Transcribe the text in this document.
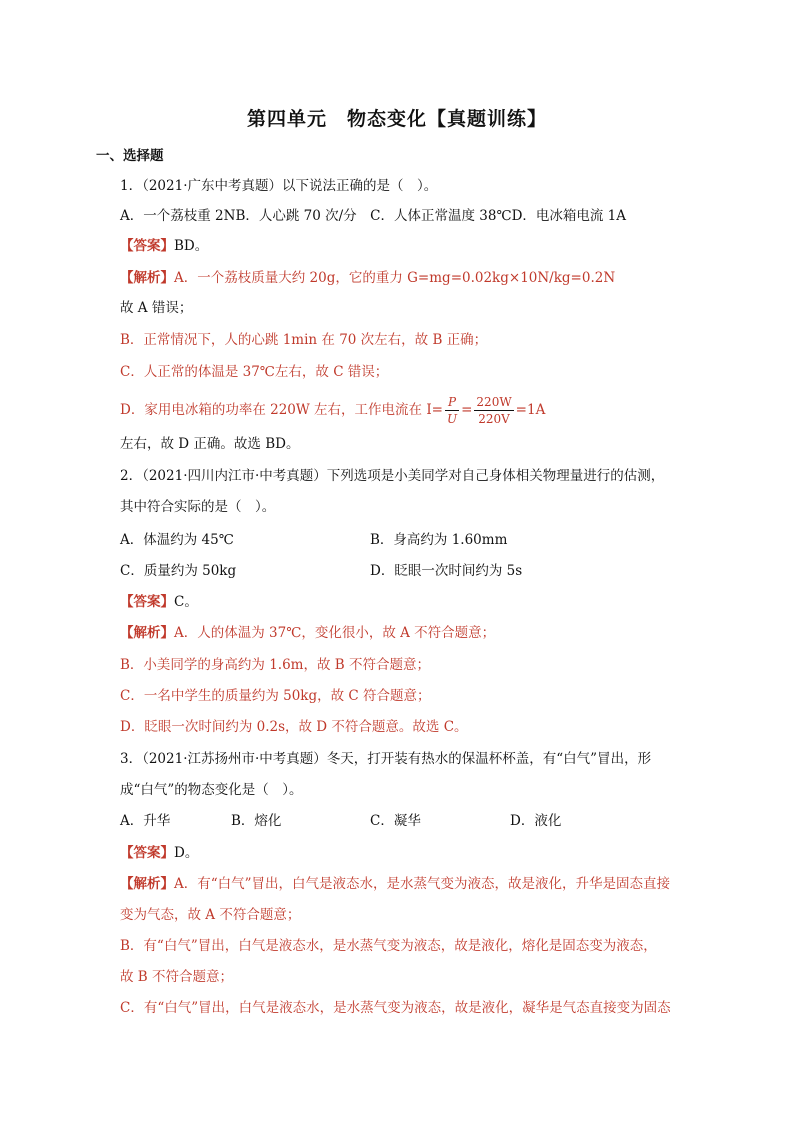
第四单元　物态变化【真题训练】
一、选择题
1．（2021·广东中考真题）以下说法正确的是（　）。
A．一个荔枝重 2NB．人心跳 70 次/分　C．人体正常温度 38℃D．电冰箱电流 1A
【答案】BD。
【解析】A．一个荔枝质量大约 20g，它的重力 G=mg=0.02kg×10N/kg=0.2N
故 A 错误；
B．正常情况下，人的心跳 1min 在 70 次左右，故 B 正确；
C．人正常的体温是 37℃左右，故 C 错误；
D．家用电冰箱的功率在 220W 左右，工作电流在 $I= \frac{P}{U} = \frac{220W}{220V} =1A$
左右，故 D 正确。故选 BD。
2．（2021·四川内江市·中考真题）下列选项是小美同学对自己身体相关物理量进行的估测，
其中符合实际的是（　）。
A．体温约为 45℃	B．身高约为 1.60mm
C．质量约为 50kg	D．眨眼一次时间约为 5s
【答案】C。
【解析】A．人的体温为 37℃，变化很小，故 A 不符合题意；
B．小美同学的身高约为 1.6m，故 B 不符合题意；
C．一名中学生的质量约为 50kg，故 C 符合题意；
D．眨眼一次时间约为 0.2s，故 D 不符合题意。故选 C。
3．（2021·江苏扬州市·中考真题）冬天，打开装有热水的保温杯杯盖，有“白气”冒出，形
成“白气”的物态变化是（　）。
A．升华	B．熔化	C．凝华	D．液化
【答案】D。
【解析】A．有“白气”冒出，白气是液态水，是水蒸气变为液态，故是液化，升华是固态直接
变为气态，故 A 不符合题意；
B．有“白气”冒出，白气是液态水，是水蒸气变为液态，故是液化，熔化是固态变为液态，
故 B 不符合题意；
C．有“白气”冒出，白气是液态水，是水蒸气变为液态，故是液化，凝华是气态直接变为固态
